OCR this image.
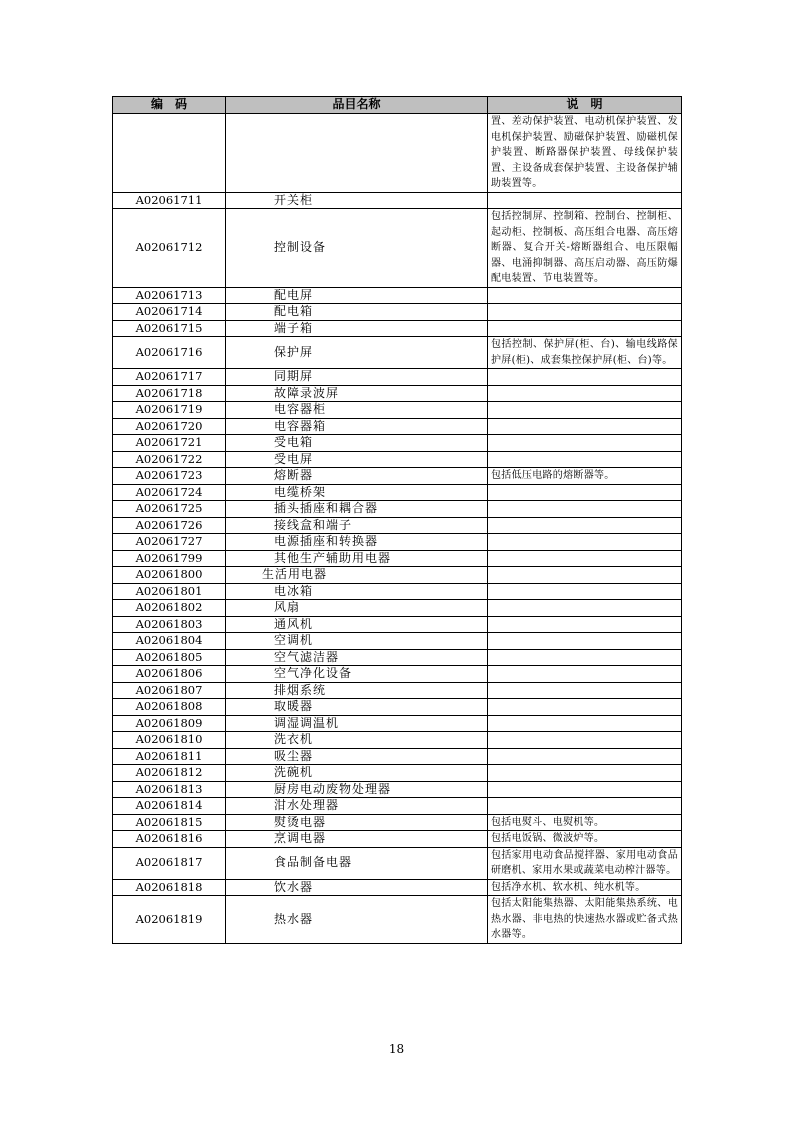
编　码	品目名称	说　明
		置、差动保护装置、电动机保护装置、发电机保护装置、励磁保护装置、励磁机保护装置、断路器保护装置、母线保护装置、主设备成套保护装置、主设备保护辅助装置等。
A02061711	开关柜	
A02061712	控制设备	包括控制屏、控制箱、控制台、控制柜、起动柜、控制板、高压组合电器、高压熔断器、复合开关-熔断器组合、电压限幅器、电涌抑制器、高压启动器、高压防爆配电装置、节电装置等。
A02061713	配电屏	
A02061714	配电箱	
A02061715	端子箱	
A02061716	保护屏	包括控制、保护屏(柜、台)、输电线路保护屏(柜)、成套集控保护屏(柜、台)等。
A02061717	同期屏	
A02061718	故障录波屏	
A02061719	电容器柜	
A02061720	电容器箱	
A02061721	受电箱	
A02061722	受电屏	
A02061723	熔断器	包括低压电路的熔断器等。
A02061724	电缆桥架	
A02061725	插头插座和耦合器	
A02061726	接线盒和端子	
A02061727	电源插座和转换器	
A02061799	其他生产辅助用电器	
A02061800	生活用电器	
A02061801	电冰箱	
A02061802	风扇	
A02061803	通风机	
A02061804	空调机	
A02061805	空气滤洁器	
A02061806	空气净化设备	
A02061807	排烟系统	
A02061808	取暖器	
A02061809	调湿调温机	
A02061810	洗衣机	
A02061811	吸尘器	
A02061812	洗碗机	
A02061813	厨房电动废物处理器	
A02061814	泔水处理器	
A02061815	熨烫电器	包括电熨斗、电熨机等。
A02061816	烹调电器	包括电饭锅、微波炉等。
A02061817	食品制备电器	包括家用电动食品搅拌器、家用电动食品研磨机、家用水果或蔬菜电动榨汁器等。
A02061818	饮水器	包括净水机、软水机、纯水机等。
A02061819	热水器	包括太阳能集热器、太阳能集热系统、电热水器、非电热的快速热水器或贮备式热水器等。
18
